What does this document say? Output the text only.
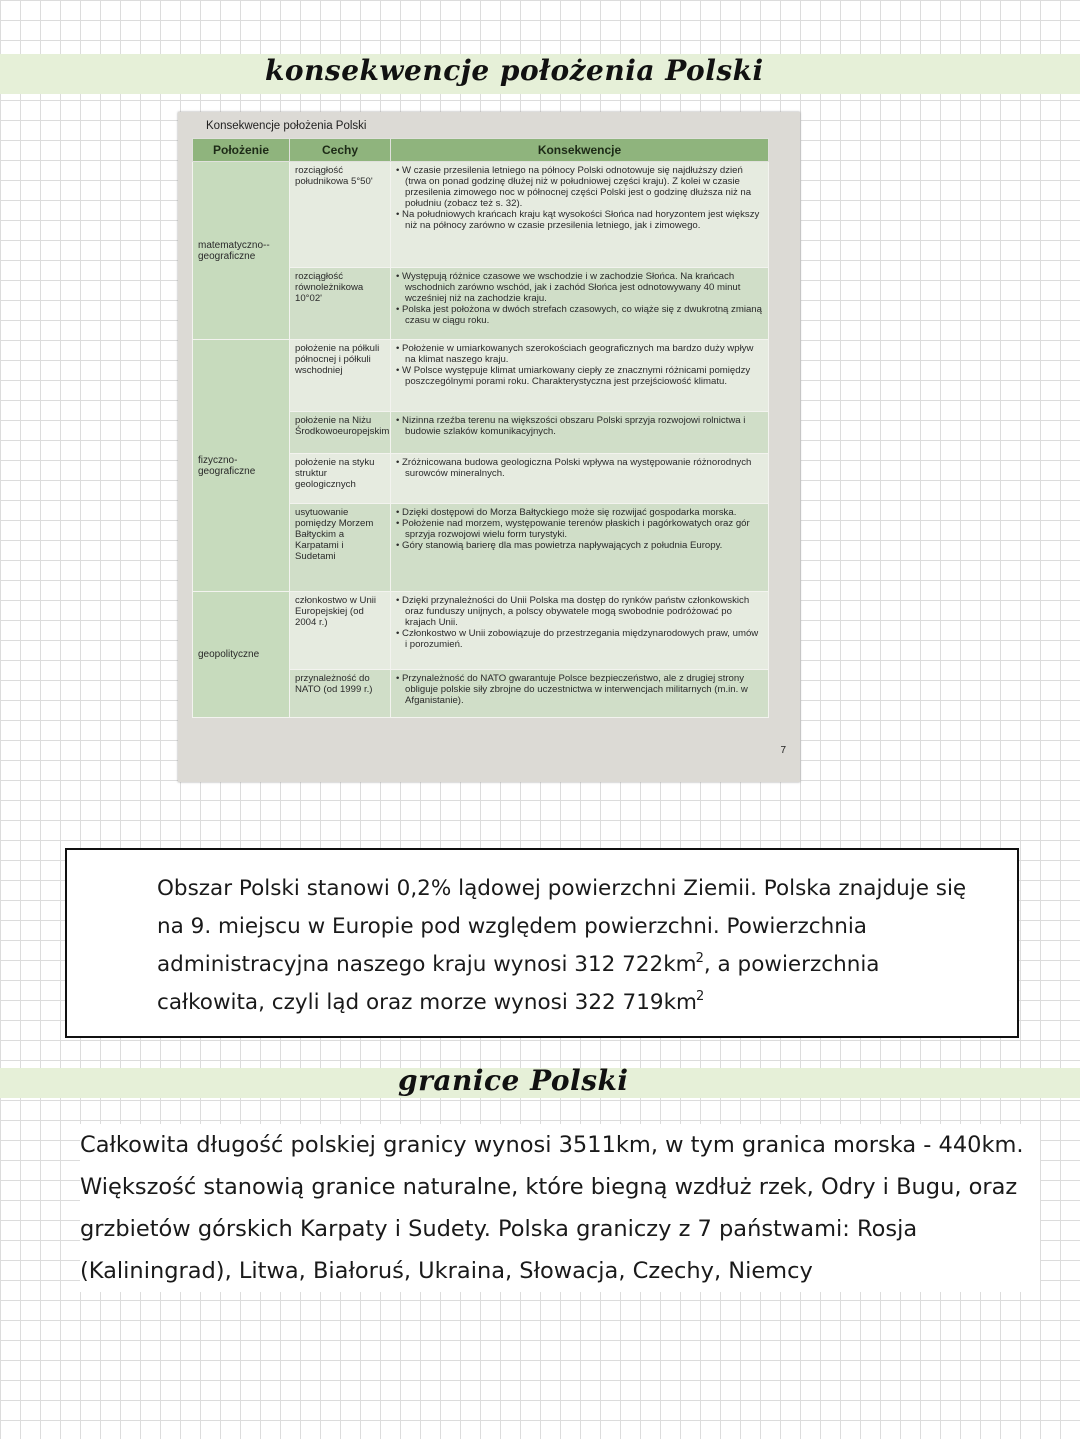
konsekwencje położenia Polski
Konsekwencje położenia Polski
Położenie	Cechy	Konsekwencje
matematyczno--geograficzne	rozciągłość południkowa 5°50'	• W czasie przesilenia letniego na północy Polski odnotowuje się najdłuższy dzień (trwa on ponad godzinę dłużej niż w południowej części kraju). Z kolei w czasie przesilenia zimowego noc w północnej części Polski jest o godzinę dłuższa niż na południu (zobacz też s. 32).

• Na południowych krańcach kraju kąt wysokości Słońca nad horyzontem jest większy niż na północy zarówno w czasie przesilenia letniego, jak i zimowego.

	rozciągłość równoleżnikowa 10°02'	• Występują różnice czasowe we wschodzie i w zachodzie Słońca. Na krańcach wschodnich zarówno wschód, jak i zachód Słońca jest odnotowywany 40 minut wcześniej niż na zachodzie kraju.

• Polska jest położona w dwóch strefach czasowych, co wiąże się z dwukrotną zmianą czasu w ciągu roku.

fizyczno-geograficzne	położenie na półkuli północnej i półkuli wschodniej	• Położenie w umiarkowanych szerokościach geograficznych ma bardzo duży wpływ na klimat naszego kraju.

• W Polsce występuje klimat umiarkowany ciepły ze znacznymi różnicami pomiędzy poszczególnymi porami roku. Charakterystyczna jest przejściowość klimatu.

	położenie na Niżu Środkowoeuropejskim	• Nizinna rzeźba terenu na większości obszaru Polski sprzyja rozwojowi rolnictwa i budowie szlaków komunikacyjnych.

	położenie na styku struktur geologicznych	• Zróżnicowana budowa geologiczna Polski wpływa na występowanie różnorodnych surowców mineralnych.

	usytuowanie pomiędzy Morzem Bałtyckim a Karpatami i Sudetami	• Dzięki dostępowi do Morza Bałtyckiego może się rozwijać gospodarka morska.

• Położenie nad morzem, występowanie terenów płaskich i pagórkowatych oraz gór sprzyja rozwojowi wielu form turystyki.

• Góry stanowią barierę dla mas powietrza napływających z południa Europy.

geopolityczne	członkostwo w Unii Europejskiej (od 2004 r.)	• Dzięki przynależności do Unii Polska ma dostęp do rynków państw członkowskich oraz funduszy unijnych, a polscy obywatele mogą swobodnie podróżować po krajach Unii.

• Członkostwo w Unii zobowiązuje do przestrzegania międzynarodowych praw, umów i porozumień.

	przynależność do NATO (od 1999 r.)	• Przynależność do NATO gwarantuje Polsce bezpieczeństwo, ale z drugiej strony obliguje polskie siły zbrojne do uczestnictwa w interwencjach militarnych (m.in. w Afganistanie).

7
Obszar Polski stanowi 0,2% lądowej powierzchni Ziemii. Polska znajduje się na 9. miejscu w Europie pod względem powierzchni. Powierzchnia administracyjna naszego kraju wynosi 312 $722km^2$, a powierzchnia całkowita, czyli ląd oraz morze wynosi 322 $719km^2$
granice Polski
Całkowita długość polskiej granicy wynosi 3511km, w tym granica morska - 440km. Większość stanowią granice naturalne, które biegną wzdłuż rzek, Odry i Bugu, oraz grzbietów górskich Karpaty i Sudety. Polska graniczy z 7 państwami: Rosja (Kaliningrad), Litwa, Białoruś, Ukraina, Słowacja, Czechy, Niemcy
